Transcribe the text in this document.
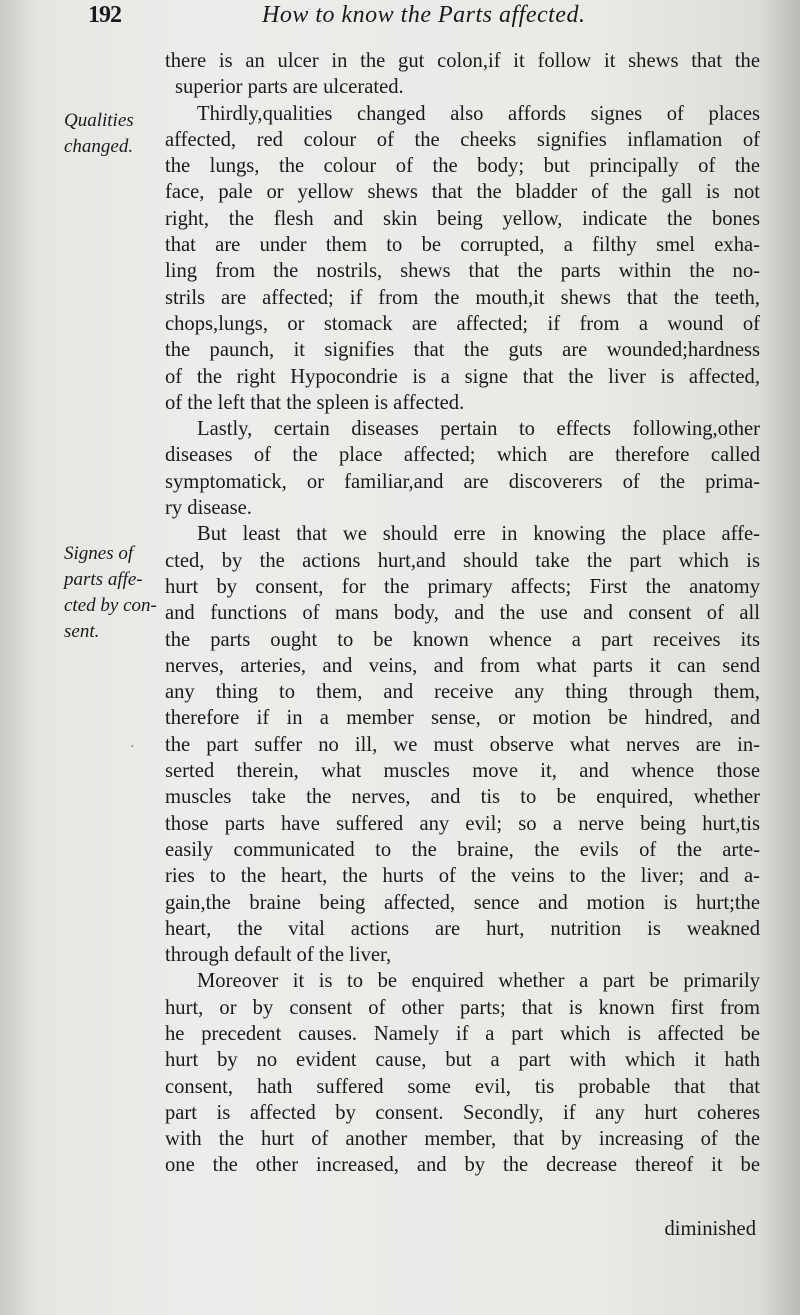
192	How to know the Parts affected.
Qualities
changed.
Signes of
parts affe-
cted by con-
sent.
there is an ulcer in the gut colon,if it follow it shews that the
superior parts are ulcerated.
Thirdly,qualities changed also affords signes of places
affected, red colour of the cheeks signifies inflamation of
the lungs, the colour of the body; but principally of the
face, pale or yellow shews that the bladder of the gall is not
right, the flesh and skin being yellow, indicate the bones
that are under them to be corrupted, a filthy smel exha-
ling from the nostrils, shews that the parts within the no-
strils are affected; if from the mouth,it shews that the teeth,
chops,lungs, or stomack are affected; if from a wound of
the paunch, it signifies that the guts are wounded;hardness
of the right Hypocondrie is a signe that the liver is affected,
of the left that the spleen is affected.
Lastly, certain diseases pertain to effects following,other
diseases of the place affected; which are therefore called
symptomatick, or familiar,and are discoverers of the prima-
ry disease.
But least that we should erre in knowing the place affe-
cted, by the actions hurt,and should take the part which is
hurt by consent, for the primary affects; First the anatomy
and functions of mans body, and the use and consent of all
the parts ought to be known whence a part receives its
nerves, arteries, and veins, and from what parts it can send
any thing to them, and receive any thing through them,
therefore if in a member sense, or motion be hindred, and
the part suffer no ill, we must observe what nerves are in-
serted therein, what muscles move it, and whence those
muscles take the nerves, and tis to be enquired, whether
those parts have suffered any evil; so a nerve being hurt,tis
easily communicated to the braine, the evils of the arte-
ries to the heart, the hurts of the veins to the liver; and a-
gain,the braine being affected, sence and motion is hurt;the
heart, the vital actions are hurt, nutrition is weakned
through default of the liver,
Moreover it is to be enquired whether a part be primarily
hurt, or by consent of other parts; that is known first from
he precedent causes. Namely if a part which is affected be
hurt by no evident cause, but a part with which it hath
consent, hath suffered some evil, tis probable that that
part is affected by consent. Secondly, if any hurt coheres
with the hurt of another member, that by increasing of the
one the other increased, and by the decrease thereof it be
·
diminished
